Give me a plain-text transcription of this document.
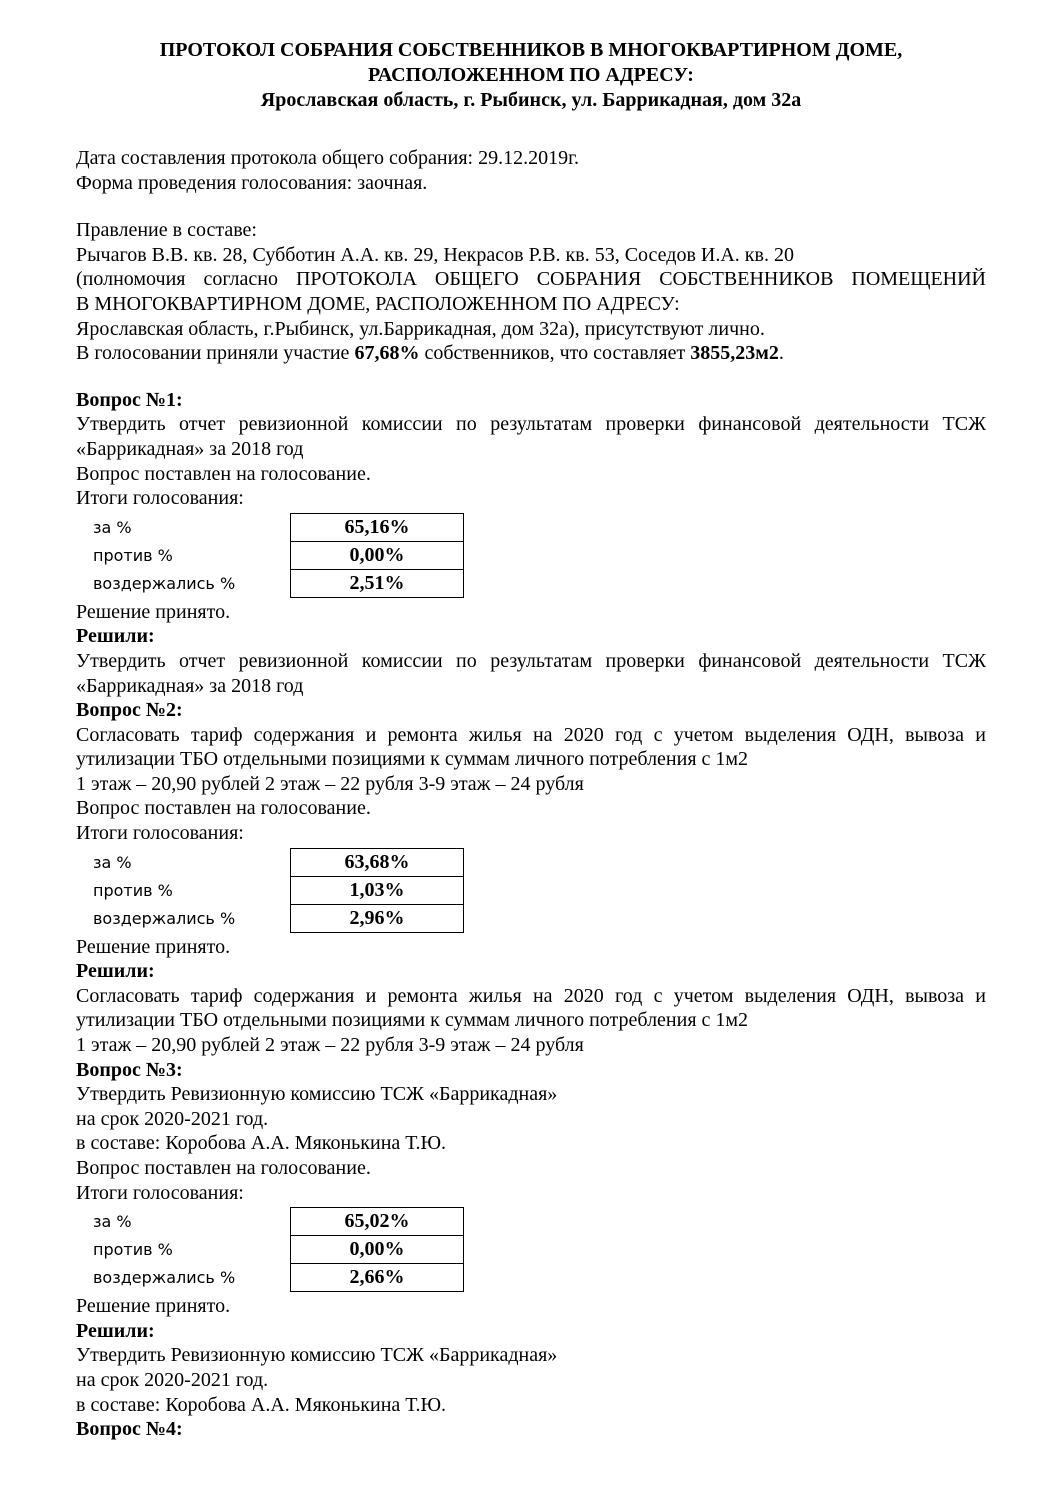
ПРОТОКОЛ СОБРАНИЯ СОБСТВЕННИКОВ В МНОГОКВАРТИРНОМ ДОМЕ,
РАСПОЛОЖЕННОМ ПО АДРЕСУ:
Ярославская область, г. Рыбинск, ул. Баррикадная, дом 32а
Дата составления протокола общего собрания: 29.12.2019г.
Форма проведения голосования: заочная.
Правление в составе:
Рычагов В.В. кв. 28, Субботин А.А. кв. 29, Некрасов Р.В. кв. 53, Соседов И.А. кв. 20
(полномочия согласно ПРОТОКОЛА ОБЩЕГО СОБРАНИЯ СОБСТВЕННИКОВ ПОМЕЩЕНИЙ
В МНОГОКВАРТИРНОМ ДОМЕ, РАСПОЛОЖЕННОМ ПО АДРЕСУ:
Ярославская область, г.Рыбинск, ул.Баррикадная, дом 32а), присутствуют лично.
В голосовании приняли участие 67,68% собственников, что составляет 3855,23м2.
Вопрос №1:
Утвердить отчет ревизионной комиссии по результатам проверки финансовой деятельности ТСЖ
«Баррикадная» за 2018 год
Вопрос поставлен на голосование.
Итоги голосования:
за %	65,16%
против %	0,00%
воздержались %	2,51%
Решение принято.
Решили:
Утвердить отчет ревизионной комиссии по результатам проверки финансовой деятельности ТСЖ
«Баррикадная» за 2018 год
Вопрос №2:
Согласовать тариф содержания и ремонта жилья на 2020 год с учетом выделения ОДН, вывоза и
утилизации ТБО отдельными позициями к суммам личного потребления с 1м2
1 этаж – 20,90 рублей 2 этаж – 22 рубля 3-9 этаж – 24 рубля
Вопрос поставлен на голосование.
Итоги голосования:
за %	63,68%
против %	1,03%
воздержались %	2,96%
Решение принято.
Решили:
Согласовать тариф содержания и ремонта жилья на 2020 год с учетом выделения ОДН, вывоза и
утилизации ТБО отдельными позициями к суммам личного потребления с 1м2
1 этаж – 20,90 рублей 2 этаж – 22 рубля 3-9 этаж – 24 рубля
Вопрос №3:
Утвердить Ревизионную комиссию ТСЖ «Баррикадная»
на срок 2020-2021 год.
в составе: Коробова А.А. Мяконькина Т.Ю.
Вопрос поставлен на голосование.
Итоги голосования:
за %	65,02%
против %	0,00%
воздержались %	2,66%
Решение принято.
Решили:
Утвердить Ревизионную комиссию ТСЖ «Баррикадная»
на срок 2020-2021 год.
в составе: Коробова А.А. Мяконькина Т.Ю.
Вопрос №4:
